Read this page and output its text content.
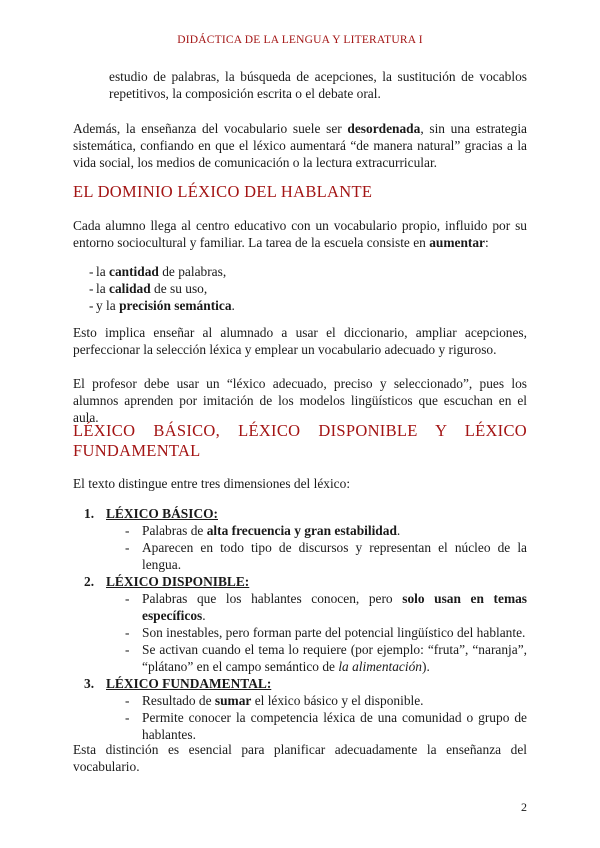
DIDÁCTICA DE LA LENGUA Y LITERATURA I

estudio de palabras, la búsqueda de acepciones, la sustitución de vocablos repetitivos, la composición escrita o el debate oral.

Además, la enseñanza del vocabulario suele ser desordenada, sin una estrategia sistemática, confiando en que el léxico aumentará “de manera natural” gracias a la vida social, los medios de comunicación o la lectura extracurricular.

EL DOMINIO LÉXICO DEL HABLANTE

Cada alumno llega al centro educativo con un vocabulario propio, influido por su entorno sociocultural y familiar. La tarea de la escuela consiste en aumentar:

- la cantidad de palabras,
- la calidad de su uso,
- y la precisión semántica.

Esto implica enseñar al alumnado a usar el diccionario, ampliar acepciones, perfeccionar la selección léxica y emplear un vocabulario adecuado y riguroso.

El profesor debe usar un “léxico adecuado, preciso y seleccionado”, pues los alumnos aprenden por imitación de los modelos lingüísticos que escuchan en el aula.

LÉXICO BÁSICO, LÉXICO DISPONIBLE Y LÉXICO FUNDAMENTAL

El texto distingue entre tres dimensiones del léxico:

1. LÉXICO BÁSICO:
- Palabras de alta frecuencia y gran estabilidad.
- Aparecen en todo tipo de discursos y representan el núcleo de la lengua.
2. LÉXICO DISPONIBLE:
- Palabras que los hablantes conocen, pero solo usan en temas específicos.
- Son inestables, pero forman parte del potencial lingüístico del hablante.
- Se activan cuando el tema lo requiere (por ejemplo: “fruta”, “naranja”, “plátano” en el campo semántico de la alimentación).
3. LÉXICO FUNDAMENTAL:
- Resultado de sumar el léxico básico y el disponible.
- Permite conocer la competencia léxica de una comunidad o grupo de hablantes.

Esta distinción es esencial para planificar adecuadamente la enseñanza del vocabulario.

2
